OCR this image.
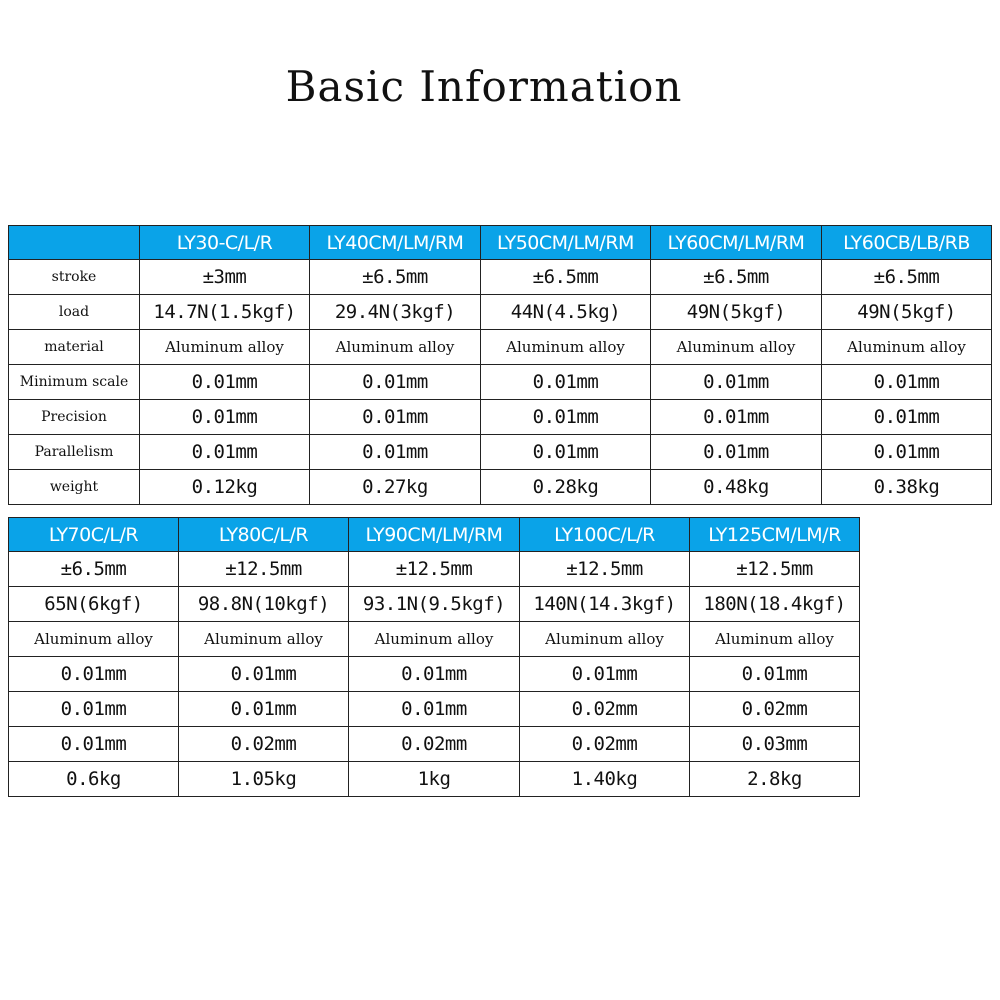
Basic Information
	LY30-C/L/R	LY40CM/LM/RM	LY50CM/LM/RM	LY60CM/LM/RM	LY60CB/LB/RB
stroke	±3mm	±6.5mm	±6.5mm	±6.5mm	±6.5mm
load	14.7N(1.5kgf)	29.4N(3kgf)	44N(4.5kg)	49N(5kgf)	49N(5kgf)
material	Aluminum alloy	Aluminum alloy	Aluminum alloy	Aluminum alloy	Aluminum alloy
Minimum scale	0.01mm	0.01mm	0.01mm	0.01mm	0.01mm
Precision	0.01mm	0.01mm	0.01mm	0.01mm	0.01mm
Parallelism	0.01mm	0.01mm	0.01mm	0.01mm	0.01mm
weight	0.12kg	0.27kg	0.28kg	0.48kg	0.38kg
LY70C/L/R	LY80C/L/R	LY90CM/LM/RM	LY100C/L/R	LY125CM/LM/R
±6.5mm	±12.5mm	±12.5mm	±12.5mm	±12.5mm
65N(6kgf)	98.8N(10kgf)	93.1N(9.5kgf)	140N(14.3kgf)	180N(18.4kgf)
Aluminum alloy	Aluminum alloy	Aluminum alloy	Aluminum alloy	Aluminum alloy
0.01mm	0.01mm	0.01mm	0.01mm	0.01mm
0.01mm	0.01mm	0.01mm	0.02mm	0.02mm
0.01mm	0.02mm	0.02mm	0.02mm	0.03mm
0.6kg	1.05kg	1kg	1.40kg	2.8kg
